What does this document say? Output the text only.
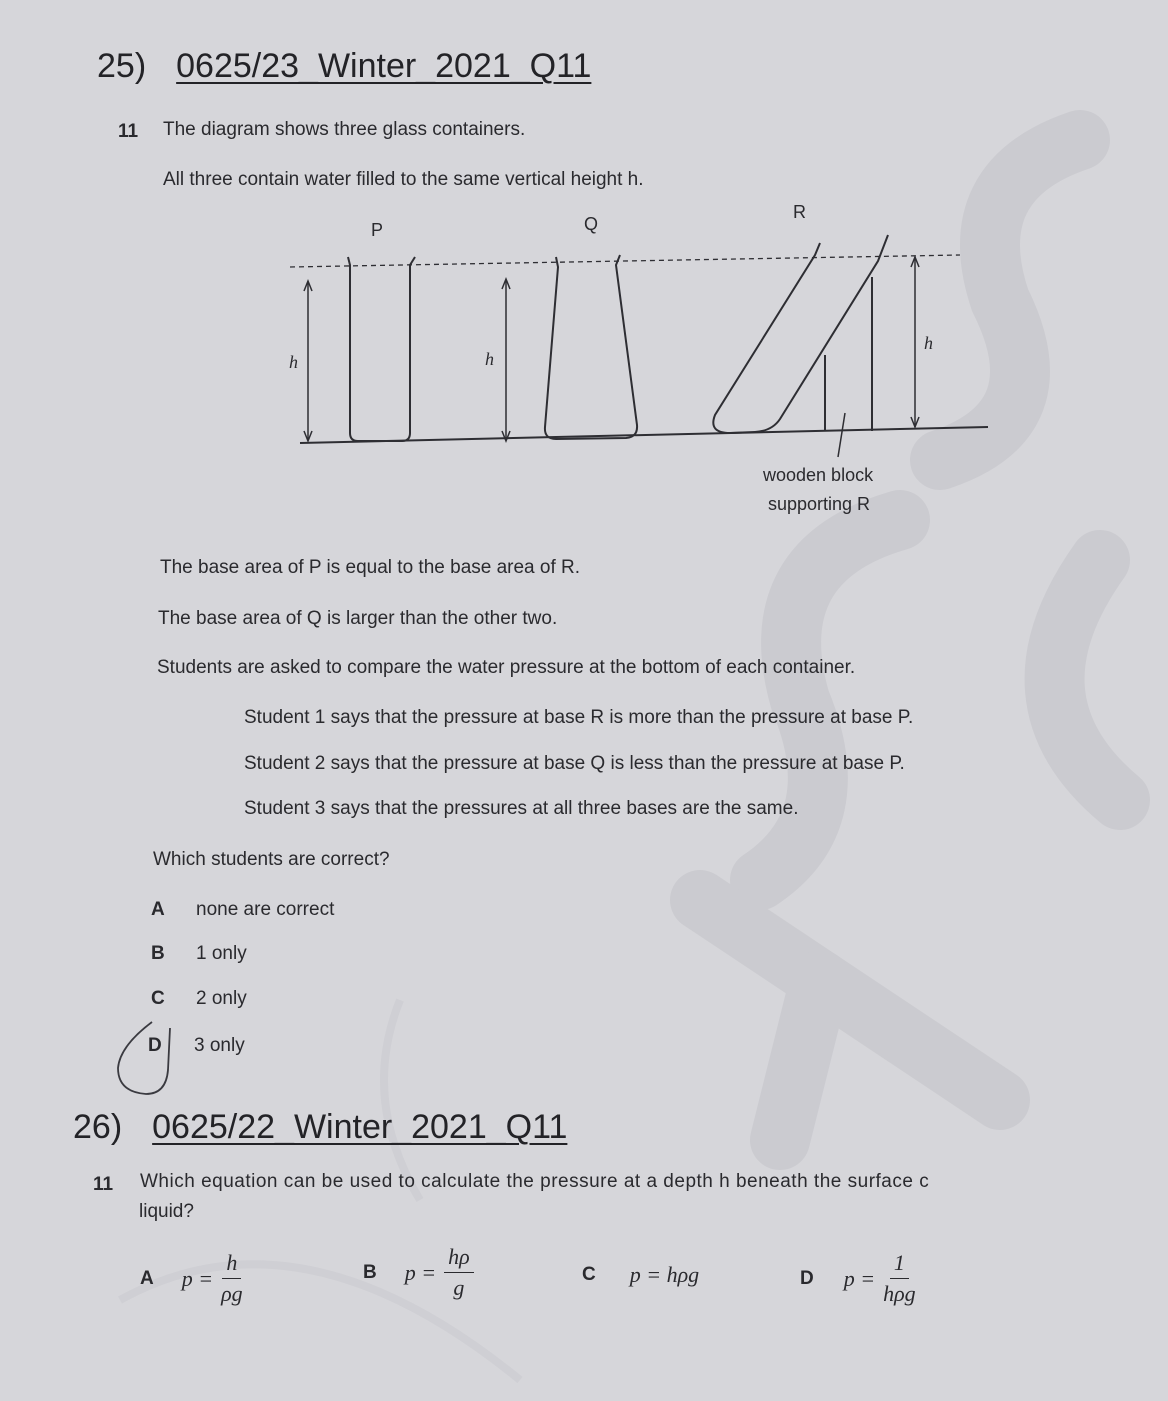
25) 0625/23_Winter_2021_Q11
11 The diagram shows three glass containers.
All three contain water filled to the same vertical height h.
P	Q
R
h	h
h
wooden block
supporting R
The base area of P is equal to the base area of R.
The base area of Q is larger than the other two.
Students are asked to compare the water pressure at the bottom of each container.
Student 1 says that the pressure at base R is more than the pressure at base P.
Student 2 says that the pressure at base Q is less than the pressure at base P.
Student 3 says that the pressures at all three bases are the same.
Which students are correct?
A none are correct
B 1 only
C 2 only
D 3 only
26) 0625/22_Winter_2021_Q11
11 Which equation can be used to calculate the pressure at a depth h beneath the surface c
liquid?
A $p = \frac{h}{\rho g}$	B $p = \frac{h\rho}{g}$	C p = hρg	D $p = \frac{1}{\text{hρg}}$
